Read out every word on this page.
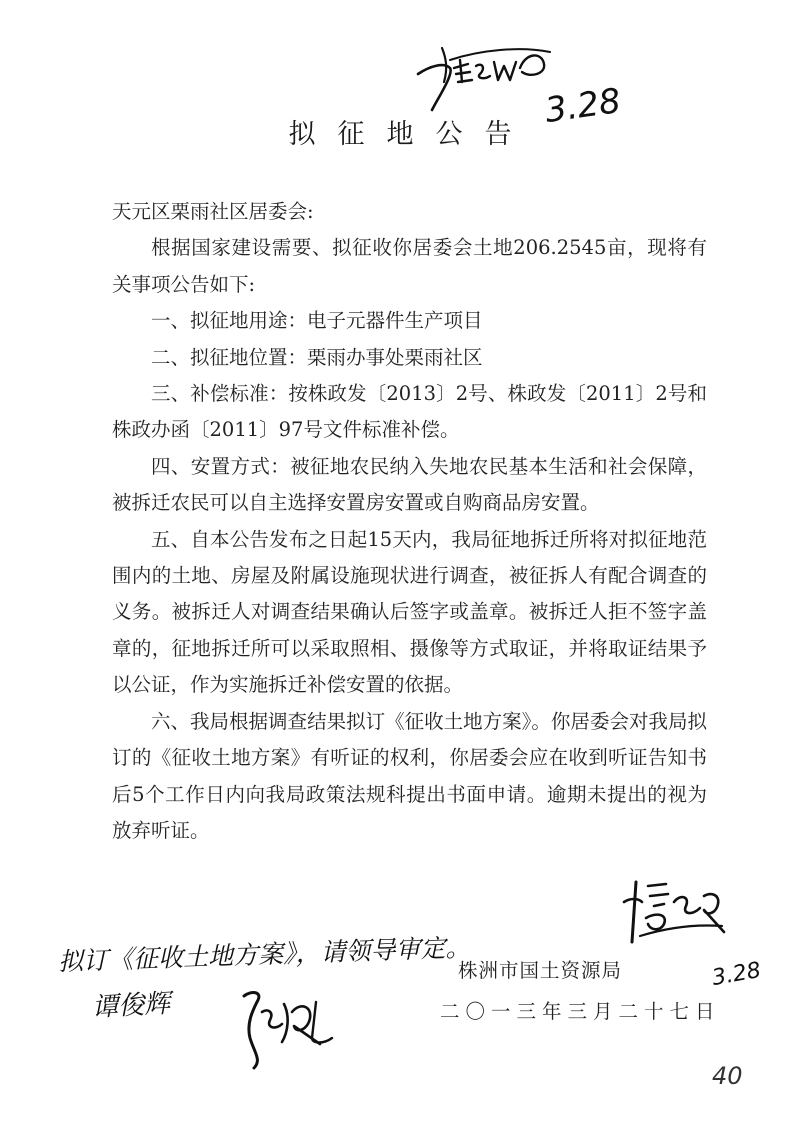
3.28
拟征地公告

天元区栗雨社区居委会:

根据国家建设需要、拟征收你居委会土地206.2545亩，现将有关事项公告如下:

一、拟征地用途：电子元器件生产项目

二、拟征地位置：栗雨办事处栗雨社区

三、补偿标准：按株政发〔2013〕2号、株政发〔2011〕2号和株政办函〔2011〕97号文件标准补偿。

四、安置方式：被征地农民纳入失地农民基本生活和社会保障，被拆迁农民可以自主选择安置房安置或自购商品房安置。

五、自本公告发布之日起15天内，我局征地拆迁所将对拟征地范围内的土地、房屋及附属设施现状进行调查，被征拆人有配合调查的义务。被拆迁人对调查结果确认后签字或盖章。被拆迁人拒不签字盖章的，征地拆迁所可以采取照相、摄像等方式取证，并将取证结果予以公证，作为实施拆迁补偿安置的依据。

六、我局根据调查结果拟订《征收土地方案》。你居委会对我局拟订的《征收土地方案》有听证的权利，你居委会应在收到听证告知书后5个工作日内向我局政策法规科提出书面申请。逾期未提出的视为放弃听证。

3.28
拟订《征收土地方案》，请领导审定。
株洲市国土资源局
二〇一三年三月二十七日
谭俊辉
40
